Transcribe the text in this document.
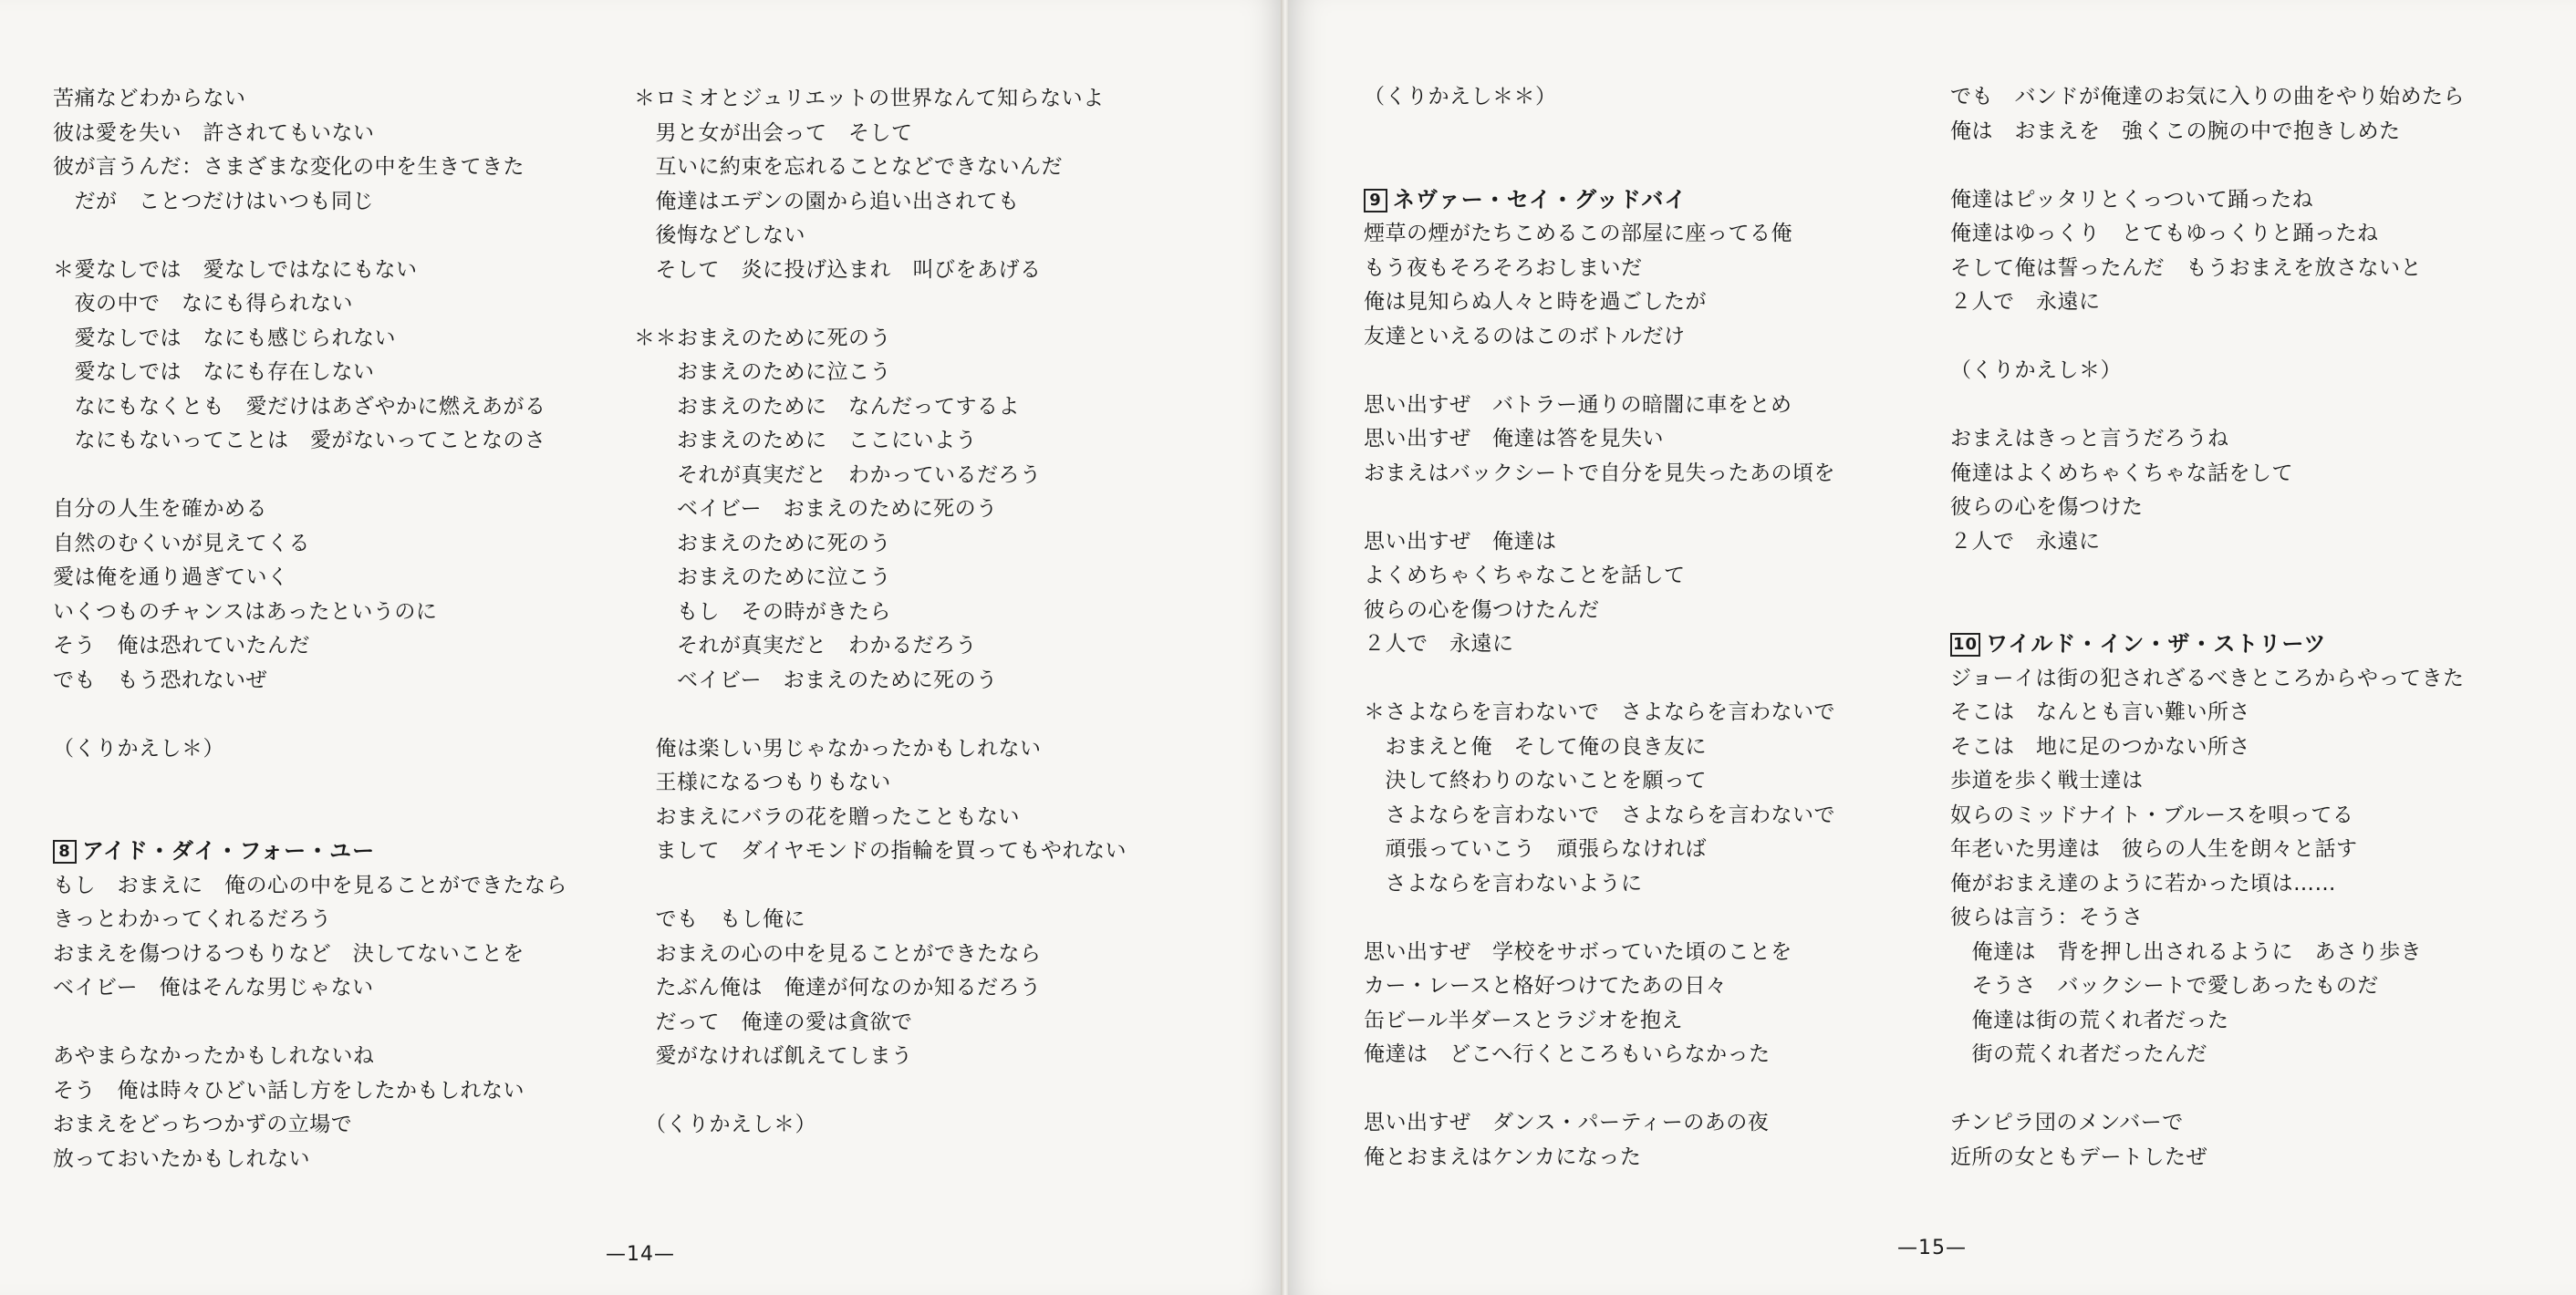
苦痛などわからない

彼は愛を失い　許されてもいない

彼が言うんだ：さまざまな変化の中を生きてきた

　だが　ことつだけはいつも同じ

＊愛なしでは　愛なしではなにもない

　夜の中で　なにも得られない

　愛なしでは　なにも感じられない

　愛なしでは　なにも存在しない

　なにもなくとも　愛だけはあざやかに燃えあがる

　なにもないってことは　愛がないってことなのさ

自分の人生を確かめる

自然のむくいが見えてくる

愛は俺を通り過ぎていく

いくつものチャンスはあったというのに

そう　俺は恐れていたんだ

でも　もう恐れないぜ

（くりかえし＊）

8 アイド・ダイ・フォー・ユー

もし　おまえに　俺の心の中を見ることができたなら

きっとわかってくれるだろう

おまえを傷つけるつもりなど　決してないことを

ベイビー　俺はそんな男じゃない

あやまらなかったかもしれないね

そう　俺は時々ひどい話し方をしたかもしれない

おまえをどっちつかずの立場で

放っておいたかもしれない

＊ロミオとジュリエットの世界なんて知らないよ

　男と女が出会って　そして

　互いに約束を忘れることなどできないんだ

　俺達はエデンの園から追い出されても

　後悔などしない

　そして　炎に投げ込まれ　叫びをあげる

＊＊おまえのために死のう

　　おまえのために泣こう

　　おまえのために　なんだってするよ

　　おまえのために　ここにいよう

　　それが真実だと　わかっているだろう

　　ベイビー　おまえのために死のう

　　おまえのために死のう

　　おまえのために泣こう

　　もし　その時がきたら

　　それが真実だと　わかるだろう

　　ベイビー　おまえのために死のう

　俺は楽しい男じゃなかったかもしれない

　王様になるつもりもない

　おまえにバラの花を贈ったこともない

　まして　ダイヤモンドの指輪を買ってもやれない

　でも　もし俺に

　おまえの心の中を見ることができたなら

　たぶん俺は　俺達が何なのか知るだろう

　だって　俺達の愛は貪欲で

　愛がなければ飢えてしまう

　（くりかえし＊）

—14—

（くりかえし＊＊）

9 ネヴァー・セイ・グッドバイ

煙草の煙がたちこめるこの部屋に座ってる俺

もう夜もそろそろおしまいだ

俺は見知らぬ人々と時を過ごしたが

友達といえるのはこのボトルだけ

思い出すぜ　バトラー通りの暗闇に車をとめ

思い出すぜ　俺達は答を見失い

おまえはバックシートで自分を見失ったあの頃を

思い出すぜ　俺達は

よくめちゃくちゃなことを話して

彼らの心を傷つけたんだ

２人で　永遠に

＊さよならを言わないで　さよならを言わないで

　おまえと俺　そして俺の良き友に

　決して終わりのないことを願って

　さよならを言わないで　さよならを言わないで

　頑張っていこう　頑張らなければ

　さよならを言わないように

思い出すぜ　学校をサボっていた頃のことを

カー・レースと格好つけてたあの日々

缶ビール半ダースとラジオを抱え

俺達は　どこへ行くところもいらなかった

思い出すぜ　ダンス・パーティーのあの夜

俺とおまえはケンカになった

でも　バンドが俺達のお気に入りの曲をやり始めたら

俺は　おまえを　強くこの腕の中で抱きしめた

俺達はピッタリとくっついて踊ったね

俺達はゆっくり　とてもゆっくりと踊ったね

そして俺は誓ったんだ　もうおまえを放さないと

２人で　永遠に

（くりかえし＊）

おまえはきっと言うだろうね

俺達はよくめちゃくちゃな話をして

彼らの心を傷つけた

２人で　永遠に

10 ワイルド・イン・ザ・ストリーツ

ジョーイは街の犯されざるべきところからやってきた

そこは　なんとも言い難い所さ

そこは　地に足のつかない所さ

歩道を歩く戦士達は

奴らのミッドナイト・ブルースを唄ってる

年老いた男達は　彼らの人生を朗々と話す

俺がおまえ達のように若かった頃は……

彼らは言う：そうさ

　俺達は　背を押し出されるように　あさり歩き

　そうさ　バックシートで愛しあったものだ

　俺達は街の荒くれ者だった

　街の荒くれ者だったんだ

チンピラ団のメンバーで

近所の女ともデートしたぜ

—15—
